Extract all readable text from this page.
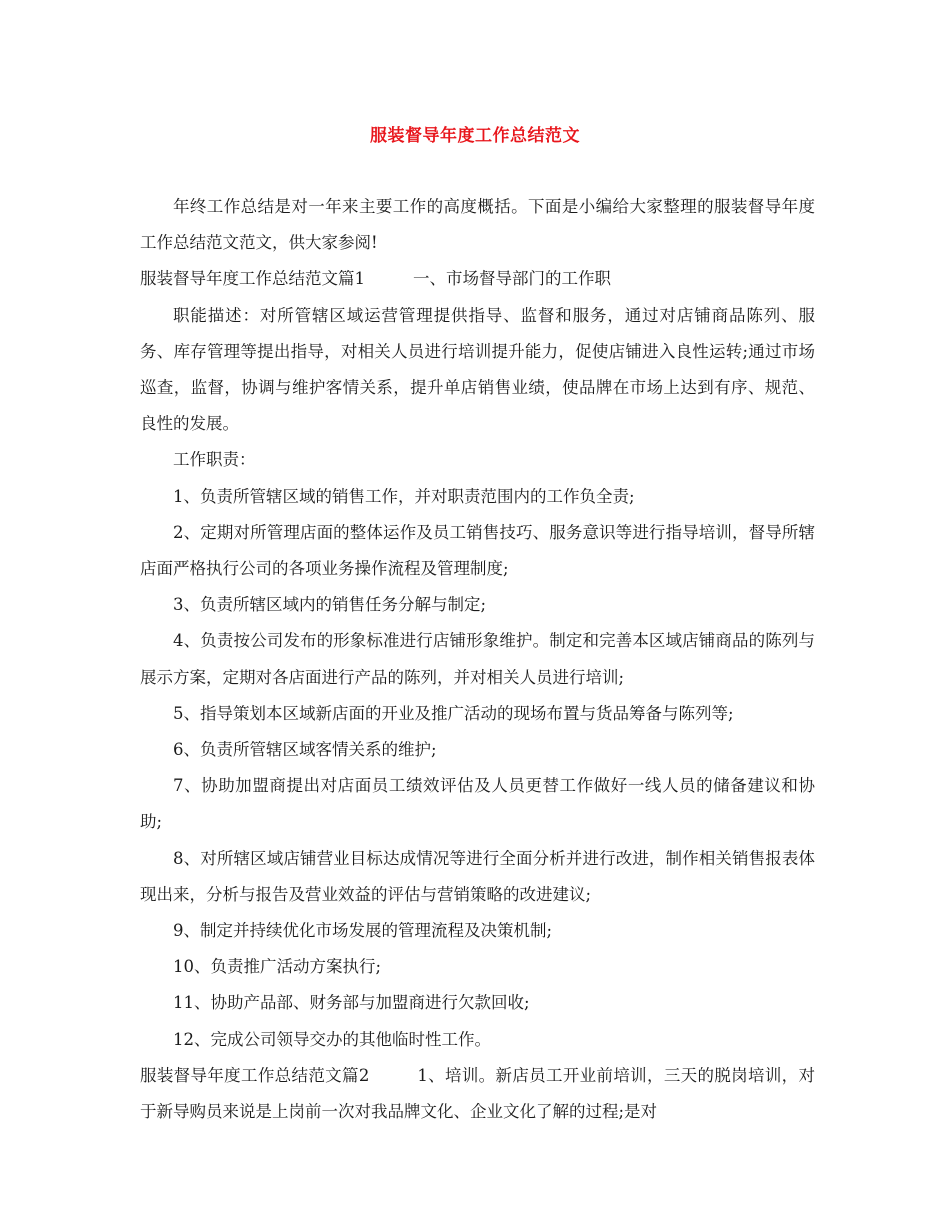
服装督导年度工作总结范文

年终工作总结是对一年来主要工作的高度概括。下面是小编给大家整理的服装督导年度工作总结范文范文，供大家参阅!

服装督导年度工作总结范文篇1	一、市场督导部门的工作职

职能描述：对所管辖区域运营管理提供指导、监督和服务，通过对店铺商品陈列、服务、库存管理等提出指导，对相关人员进行培训提升能力，促使店铺进入良性运转;通过市场巡查，监督，协调与维护客情关系，提升单店销售业绩，使品牌在市场上达到有序、规范、良性的发展。

工作职责：

1、负责所管辖区域的销售工作，并对职责范围内的工作负全责;

2、定期对所管理店面的整体运作及员工销售技巧、服务意识等进行指导培训，督导所辖店面严格执行公司的各项业务操作流程及管理制度;

3、负责所辖区域内的销售任务分解与制定;

4、负责按公司发布的形象标准进行店铺形象维护。制定和完善本区域店铺商品的陈列与展示方案，定期对各店面进行产品的陈列，并对相关人员进行培训;

5、指导策划本区域新店面的开业及推广活动的现场布置与货品筹备与陈列等;

6、负责所管辖区域客情关系的维护;

7、协助加盟商提出对店面员工绩效评估及人员更替工作做好一线人员的储备建议和协助;

8、对所辖区域店铺营业目标达成情况等进行全面分析并进行改进，制作相关销售报表体现出来，分析与报告及营业效益的评估与营销策略的改进建议;

9、制定并持续优化市场发展的管理流程及决策机制;

10、负责推广活动方案执行;

11、协助产品部、财务部与加盟商进行欠款回收;

12、完成公司领导交办的其他临时性工作。

服装督导年度工作总结范文篇2	1、培训。新店员工开业前培训，三天的脱岗培训，对于新导购员来说是上岗前一次对我品牌文化、企业文化了解的过程;是对
